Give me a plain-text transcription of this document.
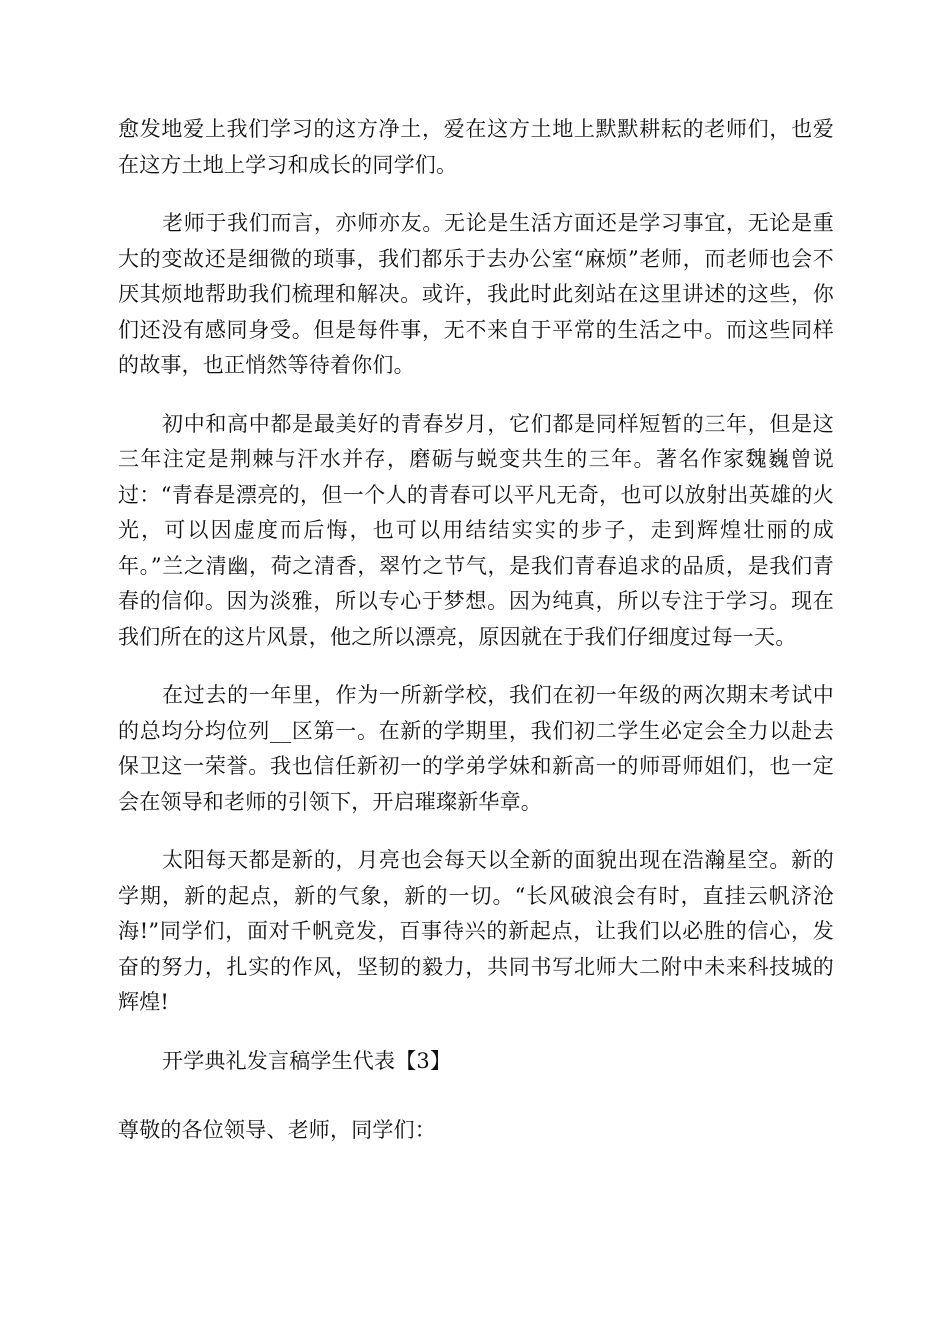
愈发地爱上我们学习的这方净土，爱在这方土地上默默耕耘的老师们，也爱在这方土地上学习和成长的同学们。

老师于我们而言，亦师亦友。无论是生活方面还是学习事宜，无论是重大的变故还是细微的琐事，我们都乐于去办公室“麻烦”老师，而老师也会不厌其烦地帮助我们梳理和解决。或许，我此时此刻站在这里讲述的这些，你们还没有感同身受。但是每件事，无不来自于平常的生活之中。而这些同样的故事，也正悄然等待着你们。

初中和高中都是最美好的青春岁月，它们都是同样短暂的三年，但是这三年注定是荆棘与汗水并存，磨砺与蜕变共生的三年。著名作家魏巍曾说过：“青春是漂亮的，但一个人的青春可以平凡无奇，也可以放射出英雄的火光，可以因虚度而后悔，也可以用结结实实的步子，走到辉煌壮丽的成年。”兰之清幽，荷之清香，翠竹之节气，是我们青春追求的品质，是我们青春的信仰。因为淡雅，所以专心于梦想。因为纯真，所以专注于学习。现在我们所在的这片风景，他之所以漂亮，原因就在于我们仔细度过每一天。

在过去的一年里，作为一所新学校，我们在初一年级的两次期末考试中的总均分均位列__区第一。在新的学期里，我们初二学生必定会全力以赴去保卫这一荣誉。我也信任新初一的学弟学妹和新高一的师哥师姐们，也一定会在领导和老师的引领下，开启璀璨新华章。

太阳每天都是新的，月亮也会每天以全新的面貌出现在浩瀚星空。新的学期，新的起点，新的气象，新的一切。“长风破浪会有时，直挂云帆济沧海!”同学们，面对千帆竞发，百事待兴的新起点，让我们以必胜的信心，发奋的努力，扎实的作风，坚韧的毅力，共同书写北师大二附中未来科技城的辉煌!

开学典礼发言稿学生代表【3】

尊敬的各位领导、老师，同学们：
